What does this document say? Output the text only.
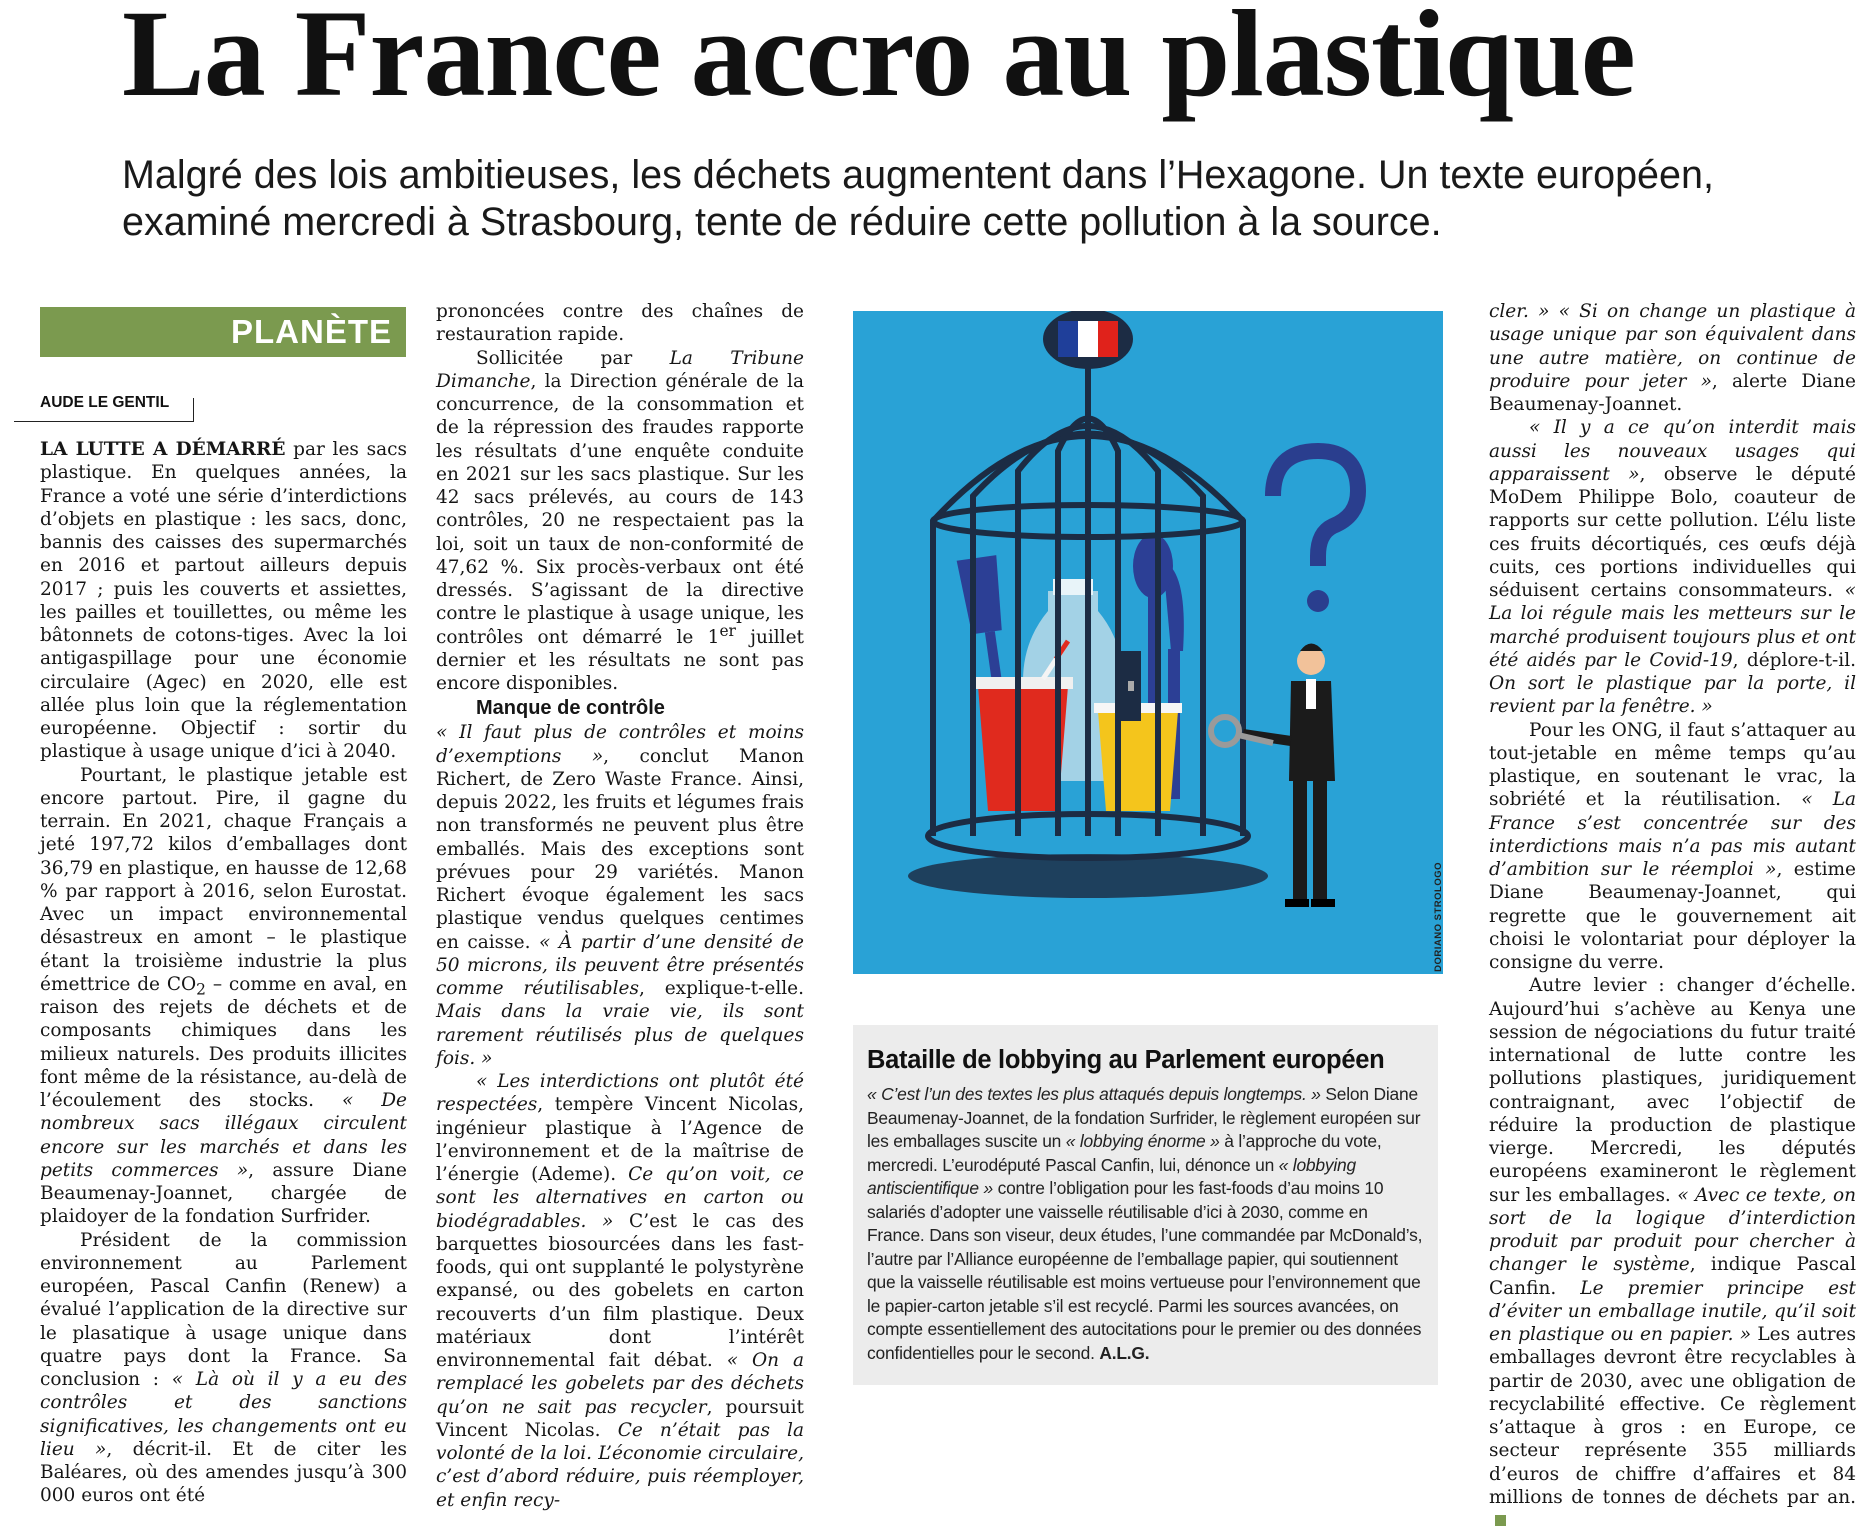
La France accro au plastique

Malgré des lois ambitieuses, les déchets augmentent dans l’Hexagone. Un texte européen, examiné mercredi à Strasbourg, tente de réduire cette pollution à la source.

PLANÈTE
AUDE LE GENTIL

LA LUTTE A DÉMARRÉ par les sacs plastique. En quelques années, la France a voté une série d’interdictions d’objets en plastique : les sacs, donc, bannis des caisses des supermarchés en 2016 et partout ailleurs depuis 2017 ; puis les couverts et assiettes, les pailles et touillettes, ou même les bâtonnets de cotons-tiges. Avec la loi antigaspillage pour une économie circulaire (Agec) en 2020, elle est allée plus loin que la réglementation européenne. Objectif : sortir du plastique à usage unique d’ici à 2040.

Pourtant, le plastique jetable est encore partout. Pire, il gagne du terrain. En 2021, chaque Français a jeté 197,72 kilos d’emballages dont 36,79 en plastique, en hausse de 12,68 % par rapport à 2016, selon Eurostat. Avec un impact environnemental désastreux en amont – le plastique étant la troisième industrie la plus émettrice de $CO_2$ – comme en aval, en raison des rejets de déchets et de composants chimiques dans les milieux naturels. Des produits illicites font même de la résistance, au-delà de l’écoulement des stocks. « De nombreux sacs illégaux circulent encore sur les marchés et dans les petits commerces », assure Diane Beaumenay-Joannet, chargée de plaidoyer de la fondation Surfrider.

Président de la commission environnement au Parlement européen, Pascal Canfin (Renew) a évalué l’application de la directive sur le plasatique à usage unique dans quatre pays dont la France. Sa conclusion : « Là où il y a eu des contrôles et des sanctions significatives, les changements ont eu lieu », décrit-il. Et de citer les Baléares, où des amendes jusqu’à 300 000 euros ont été

prononcées contre des chaînes de restauration rapide.

Sollicitée par La Tribune Dimanche, la Direction générale de la concurrence, de la consommation et de la répression des fraudes rapporte les résultats d’une enquête conduite en 2021 sur les sacs plastique. Sur les 42 sacs prélevés, au cours de 143 contrôles, 20 ne respectaient pas la loi, soit un taux de non-conformité de 47,62 %. Six procès-verbaux ont été dressés. S’agissant de la directive contre le plastique à usage unique, les contrôles ont démarré le 1er juillet dernier et les résultats ne sont pas encore disponibles.

Manque de contrôle

« Il faut plus de contrôles et moins d’exemptions », conclut Manon Richert, de Zero Waste France. Ainsi, depuis 2022, les fruits et légumes frais non transformés ne peuvent plus être emballés. Mais des exceptions sont prévues pour 29 variétés. Manon Richert évoque également les sacs plastique vendus quelques centimes en caisse. « À partir d’une densité de 50 microns, ils peuvent être présentés comme réutilisables, explique-t-elle. Mais dans la vraie vie, ils sont rarement réutilisés plus de quelques fois. »

« Les interdictions ont plutôt été respectées, tempère Vincent Nicolas, ingénieur plastique à l’Agence de l’environnement et de la maîtrise de l’énergie (Ademe). Ce qu’on voit, ce sont les alternatives en carton ou biodégradables. » C’est le cas des barquettes biosourcées dans les fast-foods, qui ont supplanté le polystyrène expansé, ou des gobelets en carton recouverts d’un film plastique. Deux matériaux dont l’intérêt environnemental fait débat. « On a remplacé les gobelets par des déchets qu’on ne sait pas recycler, poursuit Vincent Nicolas. Ce n’était pas la volonté de la loi. L’économie circulaire, c’est d’abord réduire, puis réemployer, et enfin recy-

DORIANO STROLOGO
Bataille de lobbying au Parlement européen

« C’est l’un des textes les plus attaqués depuis longtemps. » Selon Diane Beaumenay-Joannet, de la fondation Surfrider, le règlement européen sur les emballages suscite un « lobbying énorme » à l’approche du vote, mercredi. L’eurodéputé Pascal Canfin, lui, dénonce un « lobbying antiscientifique » contre l’obligation pour les fast-foods d’au moins 10 salariés d’adopter une vaisselle réutilisable d’ici à 2030, comme en France. Dans son viseur, deux études, l’une commandée par McDonald’s, l’autre par l’Alliance européenne de l’emballage papier, qui soutiennent que la vaisselle réutilisable est moins vertueuse pour l’environnement que le papier-carton jetable s’il est recyclé. Parmi les sources avancées, on compte essentiellement des autocitations pour le premier ou des données confidentielles pour le second. A.L.G.

cler. » « Si on change un plastique à usage unique par son équivalent dans une autre matière, on continue de produire pour jeter », alerte Diane Beaumenay-Joannet.

« Il y a ce qu’on interdit mais aussi les nouveaux usages qui apparaissent », observe le député MoDem Philippe Bolo, coauteur de rapports sur cette pollution. L’élu liste ces fruits décortiqués, ces œufs déjà cuits, ces portions individuelles qui séduisent certains consommateurs. « La loi régule mais les metteurs sur le marché produisent toujours plus et ont été aidés par le Covid-19, déplore-t-il. On sort le plastique par la porte, il revient par la fenêtre. »

Pour les ONG, il faut s’attaquer au tout-jetable en même temps qu’au plastique, en soutenant le vrac, la sobriété et la réutilisation. « La France s’est concentrée sur des interdictions mais n’a pas mis autant d’ambition sur le réemploi », estime Diane Beaumenay-Joannet, qui regrette que le gouvernement ait choisi le volontariat pour déployer la consigne du verre.

Autre levier : changer d’échelle. Aujourd’hui s’achève au Kenya une session de négociations du futur traité international de lutte contre les pollutions plastiques, juridiquement contraignant, avec l’objectif de réduire la production de plastique vierge. Mercredi, les députés européens examineront le règlement sur les emballages. « Avec ce texte, on sort de la logique d’interdiction produit par produit pour chercher à changer le système, indique Pascal Canfin. Le premier principe est d’éviter un emballage inutile, qu’il soit en plastique ou en papier. » Les autres emballages devront être recyclables à partir de 2030, avec une obligation de recyclabilité effective. Ce règlement s’attaque à gros : en Europe, ce secteur représente 355 milliards d’euros de chiffre d’affaires et 84 millions de tonnes de déchets par an.
